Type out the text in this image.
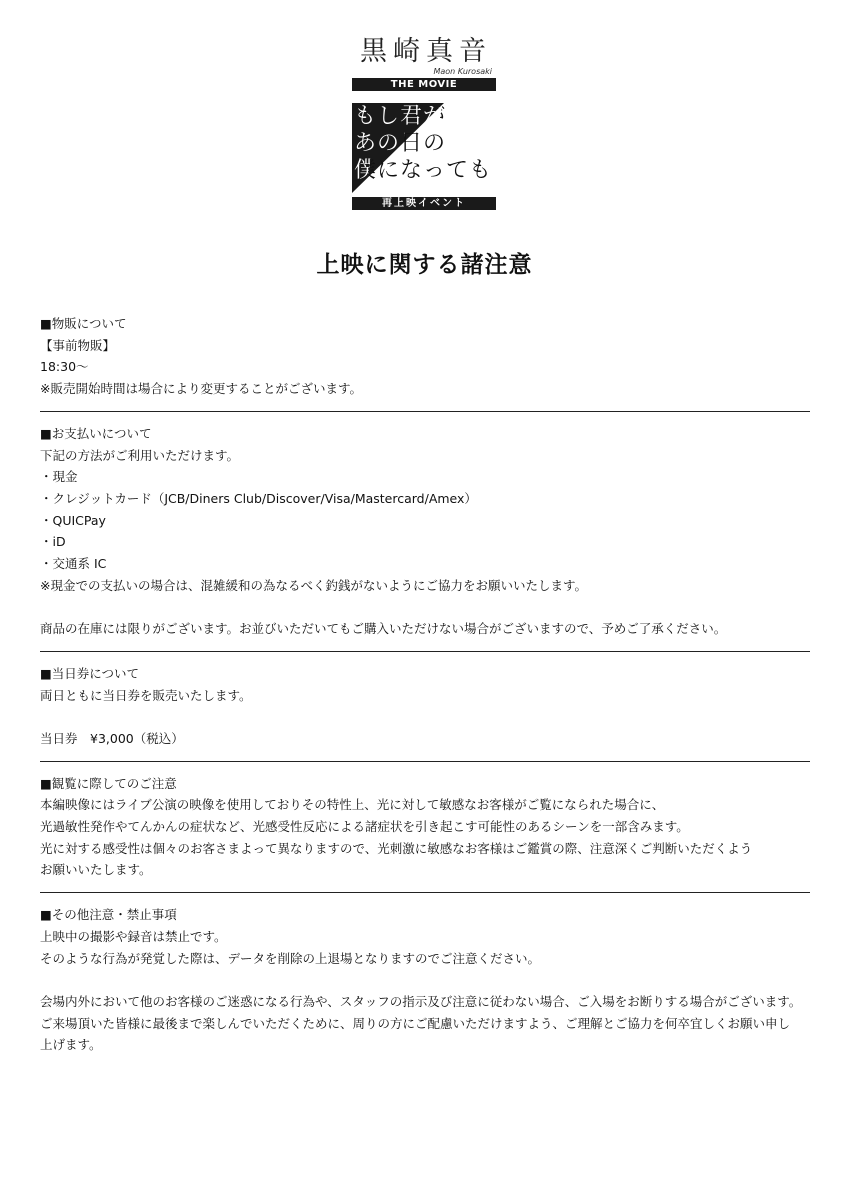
黒崎真音
Maon Kurosaki
THE MOVIE
もし君が
あの日の
僕になっても
再上映イベント
上映に関する諸注意

■物販について

【事前物販】

18:30〜

※販売開始時間は場合により変更することがございます。

■お支払いについて

下記の方法がご利用いただけます。

・現金

・クレジットカード（JCB/Diners Club/Discover/Visa/Mastercard/Amex）

・QUICPay

・iD

・交通系 IC

※現金での支払いの場合は、混雑緩和の為なるべく釣銭がないようにご協力をお願いいたします。

商品の在庫には限りがございます。お並びいただいてもご購入いただけない場合がございますので、予めご了承ください。

■当日券について

両日ともに当日券を販売いたします。

当日券　¥3,000（税込）

■観覧に際してのご注意

本編映像にはライブ公演の映像を使用しておりその特性上、光に対して敏感なお客様がご覧になられた場合に、

光過敏性発作やてんかんの症状など、光感受性反応による諸症状を引き起こす可能性のあるシーンを一部含みます。

光に対する感受性は個々のお客さまよって異なりますので、光刺激に敏感なお客様はご鑑賞の際、注意深くご判断いただくよう

お願いいたします。

■その他注意・禁止事項

上映中の撮影や録音は禁止です。

そのような行為が発覚した際は、データを削除の上退場となりますのでご注意ください。

会場内外において他のお客様のご迷惑になる行為や、スタッフの指示及び注意に従わない場合、ご入場をお断りする場合がございます。

ご来場頂いた皆様に最後まで楽しんでいただくために、周りの方にご配慮いただけますよう、ご理解とご協力を何卒宜しくお願い申し

上げます。
